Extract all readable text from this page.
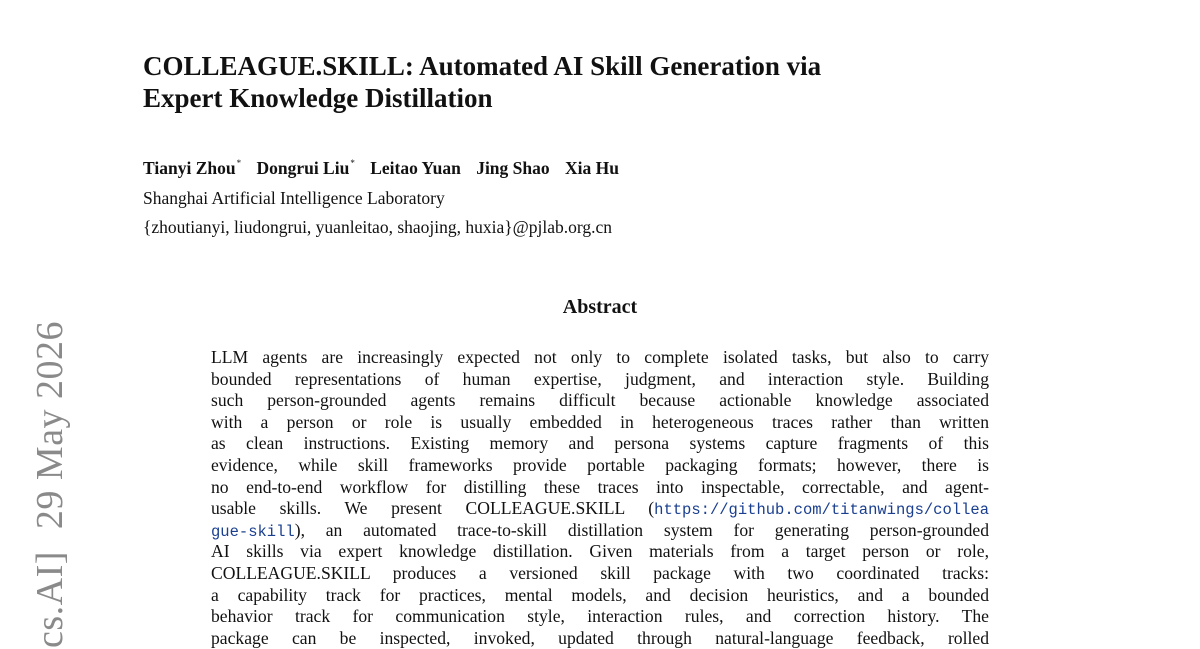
cs.AI]29 May 2026
COLLEAGUE.SKILL: Automated AI Skill Generation via
Expert Knowledge Distillation
Tianyi Zhou* Dongrui Liu* Leitao Yuan Jing Shao Xia Hu
Shanghai Artificial Intelligence Laboratory
{zhoutianyi, liudongrui, yuanleitao, shaojing, huxia}@pjlab.org.cn
Abstract
LLM agents are increasingly expected not only to complete isolated tasks, but also to carry
bounded representations of human expertise, judgment, and interaction style. Building
such person-grounded agents remains difficult because actionable knowledge associated
with a person or role is usually embedded in heterogeneous traces rather than written
as clean instructions. Existing memory and persona systems capture fragments of this
evidence, while skill frameworks provide portable packaging formats; however, there is
no end-to-end workflow for distilling these traces into inspectable, correctable, and agent-
usable skills. We present COLLEAGUE.SKILL (https://github.com/titanwings/collea
gue-skill), an automated trace-to-skill distillation system for generating person-grounded
AI skills via expert knowledge distillation. Given materials from a target person or role,
COLLEAGUE.SKILL produces a versioned skill package with two coordinated tracks:
a capability track for practices, mental models, and decision heuristics, and a bounded
behavior track for communication style, interaction rules, and correction history. The
package can be inspected, invoked, updated through natural-language feedback, rolled
